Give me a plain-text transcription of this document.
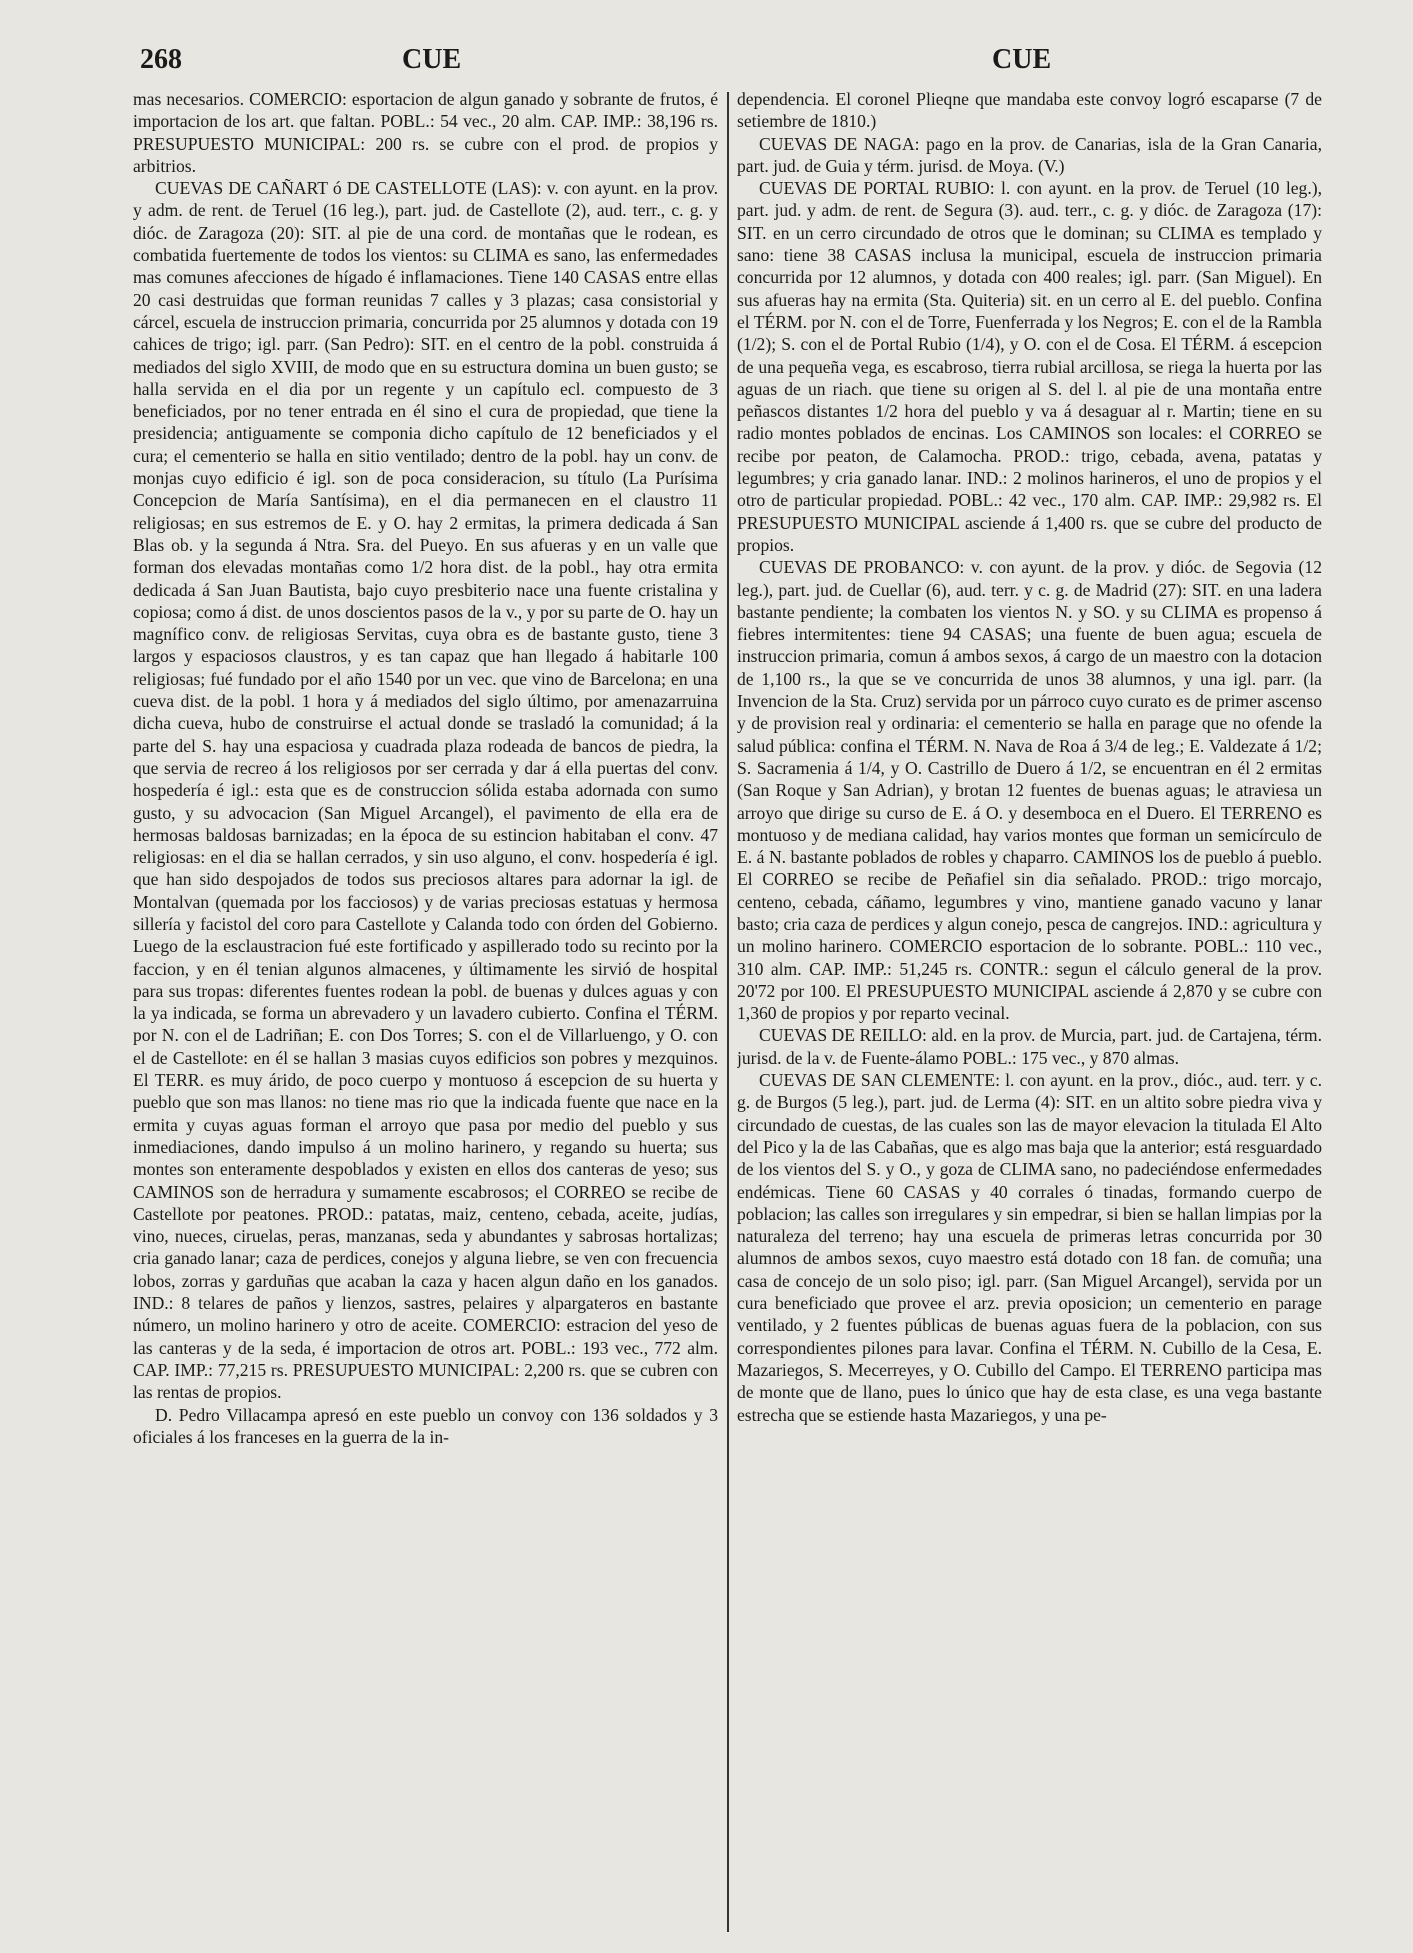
268	CUE	CUE

mas necesarios. COMERCIO: esportacion de algun ganado y sobrante de frutos, é importacion de los art. que faltan. POBL.: 54 vec., 20 alm. CAP. IMP.: 38,196 rs. PRESUPUESTO MUNICIPAL: 200 rs. se cubre con el prod. de propios y arbitrios.

CUEVAS DE CAÑART ó DE CASTELLOTE (LAS): v. con ayunt. en la prov. y adm. de rent. de Teruel (16 leg.), part. jud. de Castellote (2), aud. terr., c. g. y dióc. de Zaragoza (20): SIT. al pie de una cord. de montañas que le rodean, es combatida fuertemente de todos los vientos: su CLIMA es sano, las enfermedades mas comunes afecciones de hígado é inflamaciones. Tiene 140 CASAS entre ellas 20 casi destruidas que forman reunidas 7 calles y 3 plazas; casa consistorial y cárcel, escuela de instruccion primaria, concurrida por 25 alumnos y dotada con 19 cahices de trigo; igl. parr. (San Pedro): SIT. en el centro de la pobl. construida á mediados del siglo XVIII, de modo que en su estructura domina un buen gusto; se halla servida en el dia por un regente y un capítulo ecl. compuesto de 3 beneficiados, por no tener entrada en él sino el cura de propiedad, que tiene la presidencia; antiguamente se componia dicho capítulo de 12 beneficiados y el cura; el cementerio se halla en sitio ventilado; dentro de la pobl. hay un conv. de monjas cuyo edificio é igl. son de poca consideracion, su título (La Purísima Concepcion de María Santísima), en el dia permanecen en el claustro 11 religiosas; en sus estremos de E. y O. hay 2 ermitas, la primera dedicada á San Blas ob. y la segunda á Ntra. Sra. del Pueyo. En sus afueras y en un valle que forman dos elevadas montañas como 1/2 hora dist. de la pobl., hay otra ermita dedicada á San Juan Bautista, bajo cuyo presbiterio nace una fuente cristalina y copiosa; como á dist. de unos doscientos pasos de la v., y por su parte de O. hay un magnífico conv. de religiosas Servitas, cuya obra es de bastante gusto, tiene 3 largos y espaciosos claustros, y es tan capaz que han llegado á habitarle 100 religiosas; fué fundado por el año 1540 por un vec. que vino de Barcelona; en una cueva dist. de la pobl. 1 hora y á mediados del siglo último, por amenazarruina dicha cueva, hubo de construirse el actual donde se trasladó la comunidad; á la parte del S. hay una espaciosa y cuadrada plaza rodeada de bancos de piedra, la que servia de recreo á los religiosos por ser cerrada y dar á ella puertas del conv. hospedería é igl.: esta que es de construccion sólida estaba adornada con sumo gusto, y su advocacion (San Miguel Arcangel), el pavimento de ella era de hermosas baldosas barnizadas; en la época de su estincion habitaban el conv. 47 religiosas: en el dia se hallan cerrados, y sin uso alguno, el conv. hospedería é igl. que han sido despojados de todos sus preciosos altares para adornar la igl. de Montalvan (quemada por los facciosos) y de varias preciosas estatuas y hermosa sillería y facistol del coro para Castellote y Calanda todo con órden del Gobierno. Luego de la esclaustracion fué este fortificado y aspillerado todo su recinto por la faccion, y en él tenian algunos almacenes, y últimamente les sirvió de hospital para sus tropas: diferentes fuentes rodean la pobl. de buenas y dulces aguas y con la ya indicada, se forma un abrevadero y un lavadero cubierto. Confina el TÉRM. por N. con el de Ladriñan; E. con Dos Torres; S. con el de Villarluengo, y O. con el de Castellote: en él se hallan 3 masias cuyos edificios son pobres y mezquinos. El TERR. es muy árido, de poco cuerpo y montuoso á escepcion de su huerta y pueblo que son mas llanos: no tiene mas rio que la indicada fuente que nace en la ermita y cuyas aguas forman el arroyo que pasa por medio del pueblo y sus inmediaciones, dando impulso á un molino harinero, y regando su huerta; sus montes son enteramente despoblados y existen en ellos dos canteras de yeso; sus CAMINOS son de herradura y sumamente escabrosos; el CORREO se recibe de Castellote por peatones. PROD.: patatas, maiz, centeno, cebada, aceite, judías, vino, nueces, ciruelas, peras, manzanas, seda y abundantes y sabrosas hortalizas; cria ganado lanar; caza de perdices, conejos y alguna liebre, se ven con frecuencia lobos, zorras y garduñas que acaban la caza y hacen algun daño en los ganados. IND.: 8 telares de paños y lienzos, sastres, pelaires y alpargateros en bastante número, un molino harinero y otro de aceite. COMERCIO: estracion del yeso de las canteras y de la seda, é importacion de otros art. POBL.: 193 vec., 772 alm. CAP. IMP.: 77,215 rs. PRESUPUESTO MUNICIPAL: 2,200 rs. que se cubren con las rentas de propios.

D. Pedro Villacampa apresó en este pueblo un convoy con 136 soldados y 3 oficiales á los franceses en la guerra de la in-

dependencia. El coronel Plieqne que mandaba este convoy logró escaparse (7 de setiembre de 1810.)

CUEVAS DE NAGA: pago en la prov. de Canarias, isla de la Gran Canaria, part. jud. de Guia y térm. jurisd. de Moya. (V.)

CUEVAS DE PORTAL RUBIO: l. con ayunt. en la prov. de Teruel (10 leg.), part. jud. y adm. de rent. de Segura (3). aud. terr., c. g. y dióc. de Zaragoza (17): SIT. en un cerro circundado de otros que le dominan; su CLIMA es templado y sano: tiene 38 CASAS inclusa la municipal, escuela de instruccion primaria concurrida por 12 alumnos, y dotada con 400 reales; igl. parr. (San Miguel). En sus afueras hay na ermita (Sta. Quiteria) sit. en un cerro al E. del pueblo. Confina el TÉRM. por N. con el de Torre, Fuenferrada y los Negros; E. con el de la Rambla (1/2); S. con el de Portal Rubio (1/4), y O. con el de Cosa. El TÉRM. á escepcion de una pequeña vega, es escabroso, tierra rubial arcillosa, se riega la huerta por las aguas de un riach. que tiene su origen al S. del l. al pie de una montaña entre peñascos distantes 1/2 hora del pueblo y va á desaguar al r. Martin; tiene en su radio montes poblados de encinas. Los CAMINOS son locales: el CORREO se recibe por peaton, de Calamocha. PROD.: trigo, cebada, avena, patatas y legumbres; y cria ganado lanar. IND.: 2 molinos harineros, el uno de propios y el otro de particular propiedad. POBL.: 42 vec., 170 alm. CAP. IMP.: 29,982 rs. El PRESUPUESTO MUNICIPAL asciende á 1,400 rs. que se cubre del producto de propios.

CUEVAS DE PROBANCO: v. con ayunt. de la prov. y dióc. de Segovia (12 leg.), part. jud. de Cuellar (6), aud. terr. y c. g. de Madrid (27): SIT. en una ladera bastante pendiente; la combaten los vientos N. y SO. y su CLIMA es propenso á fiebres intermitentes: tiene 94 CASAS; una fuente de buen agua; escuela de instruccion primaria, comun á ambos sexos, á cargo de un maestro con la dotacion de 1,100 rs., la que se ve concurrida de unos 38 alumnos, y una igl. parr. (la Invencion de la Sta. Cruz) servida por un párroco cuyo curato es de primer ascenso y de provision real y ordinaria: el cementerio se halla en parage que no ofende la salud pública: confina el TÉRM. N. Nava de Roa á 3/4 de leg.; E. Valdezate á 1/2; S. Sacramenia á 1/4, y O. Castrillo de Duero á 1/2, se encuentran en él 2 ermitas (San Roque y San Adrian), y brotan 12 fuentes de buenas aguas; le atraviesa un arroyo que dirige su curso de E. á O. y desemboca en el Duero. El TERRENO es montuoso y de mediana calidad, hay varios montes que forman un semicírculo de E. á N. bastante poblados de robles y chaparro. CAMINOS los de pueblo á pueblo. El CORREO se recibe de Peñafiel sin dia señalado. PROD.: trigo morcajo, centeno, cebada, cáñamo, legumbres y vino, mantiene ganado vacuno y lanar basto; cria caza de perdices y algun conejo, pesca de cangrejos. IND.: agricultura y un molino harinero. COMERCIO esportacion de lo sobrante. POBL.: 110 vec., 310 alm. CAP. IMP.: 51,245 rs. CONTR.: segun el cálculo general de la prov. 20'72 por 100. El PRESUPUESTO MUNICIPAL asciende á 2,870 y se cubre con 1,360 de propios y por reparto vecinal.

CUEVAS DE REILLO: ald. en la prov. de Murcia, part. jud. de Cartajena, térm. jurisd. de la v. de Fuente-álamo POBL.: 175 vec., y 870 almas.

CUEVAS DE SAN CLEMENTE: l. con ayunt. en la prov., dióc., aud. terr. y c. g. de Burgos (5 leg.), part. jud. de Lerma (4): SIT. en un altito sobre piedra viva y circundado de cuestas, de las cuales son las de mayor elevacion la titulada El Alto del Pico y la de las Cabañas, que es algo mas baja que la anterior; está resguardado de los vientos del S. y O., y goza de CLIMA sano, no padeciéndose enfermedades endémicas. Tiene 60 CASAS y 40 corrales ó tinadas, formando cuerpo de poblacion; las calles son irregulares y sin empedrar, si bien se hallan limpias por la naturaleza del terreno; hay una escuela de primeras letras concurrida por 30 alumnos de ambos sexos, cuyo maestro está dotado con 18 fan. de comuña; una casa de concejo de un solo piso; igl. parr. (San Miguel Arcangel), servida por un cura beneficiado que provee el arz. previa oposicion; un cementerio en parage ventilado, y 2 fuentes públicas de buenas aguas fuera de la poblacion, con sus correspondientes pilones para lavar. Confina el TÉRM. N. Cubillo de la Cesa, E. Mazariegos, S. Mecerreyes, y O. Cubillo del Campo. El TERRENO participa mas de monte que de llano, pues lo único que hay de esta clase, es una vega bastante estrecha que se estiende hasta Mazariegos, y una pe-
